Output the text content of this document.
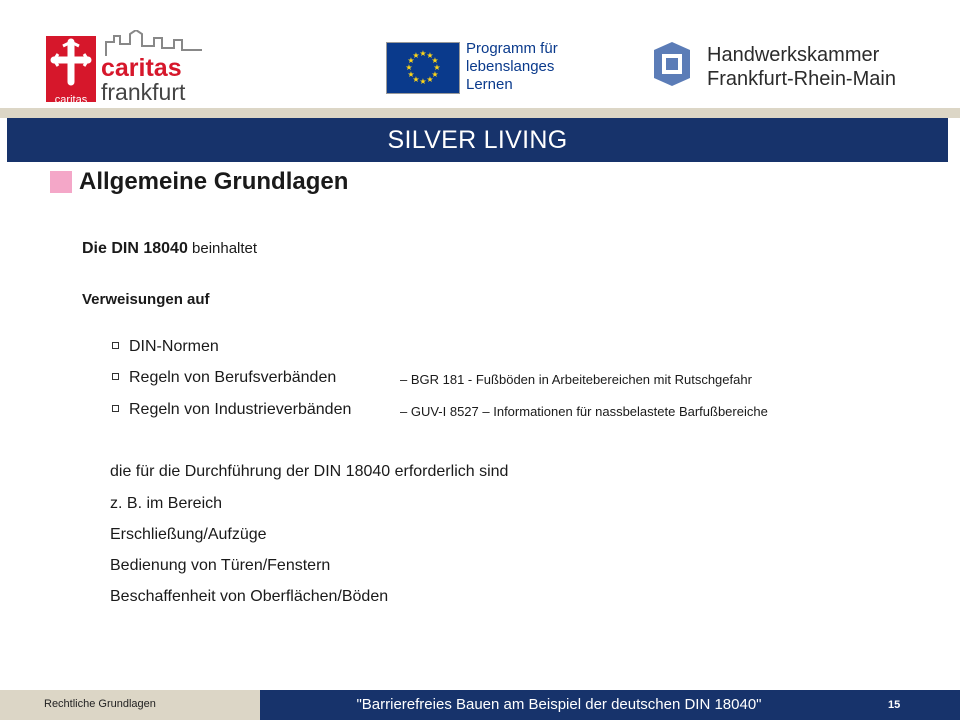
caritas
caritas
frankfurt
★ ★
★
★
★
★
★
★
★
★
★
★	Programm für
lebenslanges
Lernen
Handwerkskammer
Frankfurt-Rhein-Main
SILVER LIVING
Allgemeine Grundlagen
Die DIN 18040 beinhaltet
Verweisungen auf
DIN-Normen
Regeln von Berufsverbänden	– BGR 181 - Fußböden in Arbeitebereichen mit Rutschgefahr
Regeln von Industrieverbänden	– GUV-I 8527 – Informationen für nassbelastete Barfußbereiche
die für die Durchführung der DIN 18040 erforderlich sind
z. B. im Bereich
Erschließung/Aufzüge
Bedienung von Türen/Fenstern
Beschaffenheit von Oberflächen/Böden
Rechtliche Grundlagen	"Barrierefreies Bauen am Beispiel der deutschen DIN 18040"	15
